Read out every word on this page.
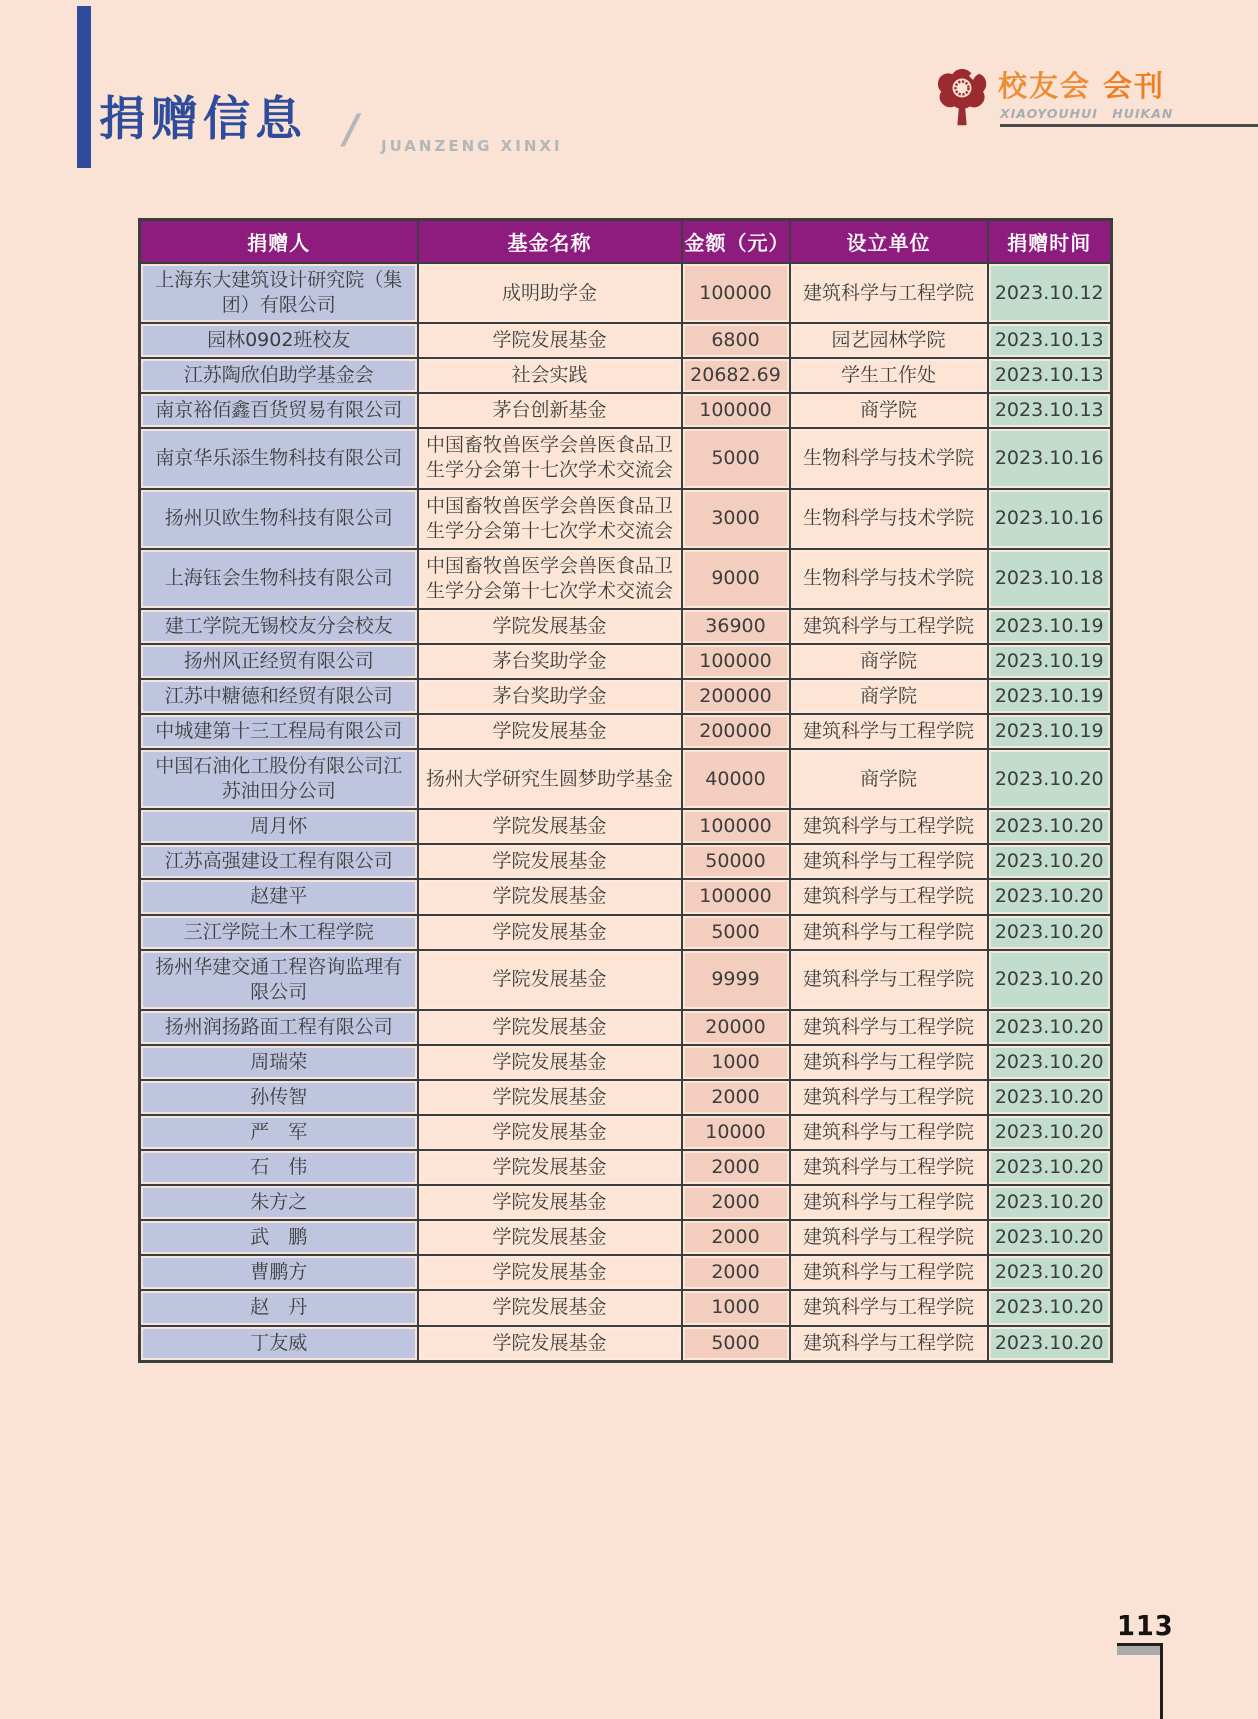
捐赠信息 / JUANZENG XINXI
校友会 会刊
XIAOYOUHUI HUIKAN
捐赠人	基金名称	金额（元）	设立单位	捐赠时间
上海东大建筑设计研究院（集团）有限公司	成明助学金	100000	建筑科学与工程学院	2023.10.12
园林0902班校友	学院发展基金	6800	园艺园林学院	2023.10.13
江苏陶欣伯助学基金会	社会实践	20682.69	学生工作处	2023.10.13
南京裕佰鑫百货贸易有限公司	茅台创新基金	100000	商学院	2023.10.13
南京华乐添生物科技有限公司	中国畜牧兽医学会兽医食品卫生学分会第十七次学术交流会	5000	生物科学与技术学院	2023.10.16
扬州贝欧生物科技有限公司	中国畜牧兽医学会兽医食品卫生学分会第十七次学术交流会	3000	生物科学与技术学院	2023.10.16
上海钰会生物科技有限公司	中国畜牧兽医学会兽医食品卫生学分会第十七次学术交流会	9000	生物科学与技术学院	2023.10.18
建工学院无锡校友分会校友	学院发展基金	36900	建筑科学与工程学院	2023.10.19
扬州风正经贸有限公司	茅台奖助学金	100000	商学院	2023.10.19
江苏中糖德和经贸有限公司	茅台奖助学金	200000	商学院	2023.10.19
中城建第十三工程局有限公司	学院发展基金	200000	建筑科学与工程学院	2023.10.19
中国石油化工股份有限公司江苏油田分公司	扬州大学研究生圆梦助学基金	40000	商学院	2023.10.20
周月怀	学院发展基金	100000	建筑科学与工程学院	2023.10.20
江苏高强建设工程有限公司	学院发展基金	50000	建筑科学与工程学院	2023.10.20
赵建平	学院发展基金	100000	建筑科学与工程学院	2023.10.20
三江学院土木工程学院	学院发展基金	5000	建筑科学与工程学院	2023.10.20
扬州华建交通工程咨询监理有限公司	学院发展基金	9999	建筑科学与工程学院	2023.10.20
扬州润扬路面工程有限公司	学院发展基金	20000	建筑科学与工程学院	2023.10.20
周瑞荣	学院发展基金	1000	建筑科学与工程学院	2023.10.20
孙传智	学院发展基金	2000	建筑科学与工程学院	2023.10.20
严　军	学院发展基金	10000	建筑科学与工程学院	2023.10.20
石　伟	学院发展基金	2000	建筑科学与工程学院	2023.10.20
朱方之	学院发展基金	2000	建筑科学与工程学院	2023.10.20
武　鹏	学院发展基金	2000	建筑科学与工程学院	2023.10.20
曹鹏方	学院发展基金	2000	建筑科学与工程学院	2023.10.20
赵　丹	学院发展基金	1000	建筑科学与工程学院	2023.10.20
丁友威	学院发展基金	5000	建筑科学与工程学院	2023.10.20
113
